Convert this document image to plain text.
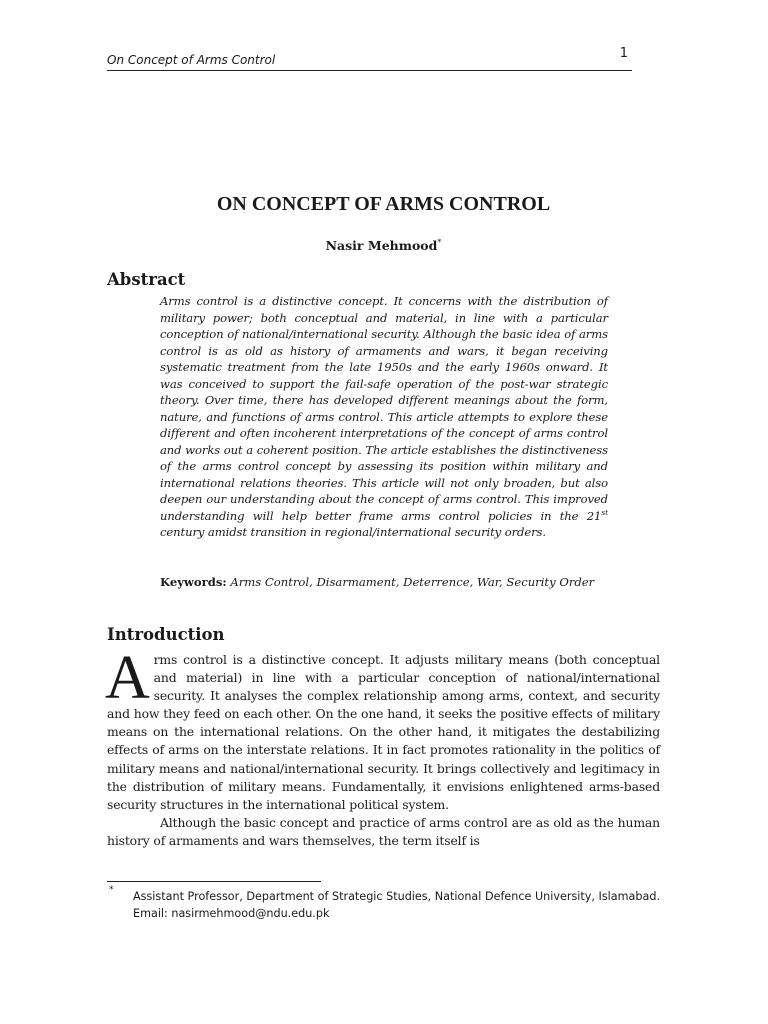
On Concept of Arms Control	1
ON CONCEPT OF ARMS CONTROL
Nasir Mehmood*
Abstract
Arms control is a distinctive concept. It concerns with the distribution of military power; both conceptual and material, in line with a particular conception of national/international security. Although the basic idea of arms control is as old as history of armaments and wars, it began receiving systematic treatment from the late 1950s and the early 1960s onward. It was conceived to support the fail-safe operation of the post-war strategic theory. Over time, there has developed different meanings about the form, nature, and functions of arms control. This article attempts to explore these different and often incoherent interpretations of the concept of arms control and works out a coherent position. The article establishes the distinctiveness of the arms control concept by assessing its position within military and international relations theories. This article will not only broaden, but also deepen our understanding about the concept of arms control. This improved understanding will help better frame arms control policies in the 21st century amidst transition in regional/international security orders.
Keywords: Arms Control, Disarmament, Deterrence, War, Security Order
Introduction

Arms control is a distinctive concept. It adjusts military means (both conceptual and material) in line with a particular conception of national/international security. It analyses the complex relationship among arms, context, and security and how they feed on each other. On the one hand, it seeks the positive effects of military means on the international relations. On the other hand, it mitigates the destabilizing effects of arms on the interstate relations. It in fact promotes rationality in the politics of military means and national/international security. It brings collectively and legitimacy in the distribution of military means. Fundamentally, it envisions enlightened arms-based security structures in the international political system.

Although the basic concept and practice of arms control are as old as the human history of armaments and wars themselves, the term itself is

* Assistant Professor, Department of Strategic Studies, National Defence University, Islamabad. Email: nasirmehmood@ndu.edu.pk
